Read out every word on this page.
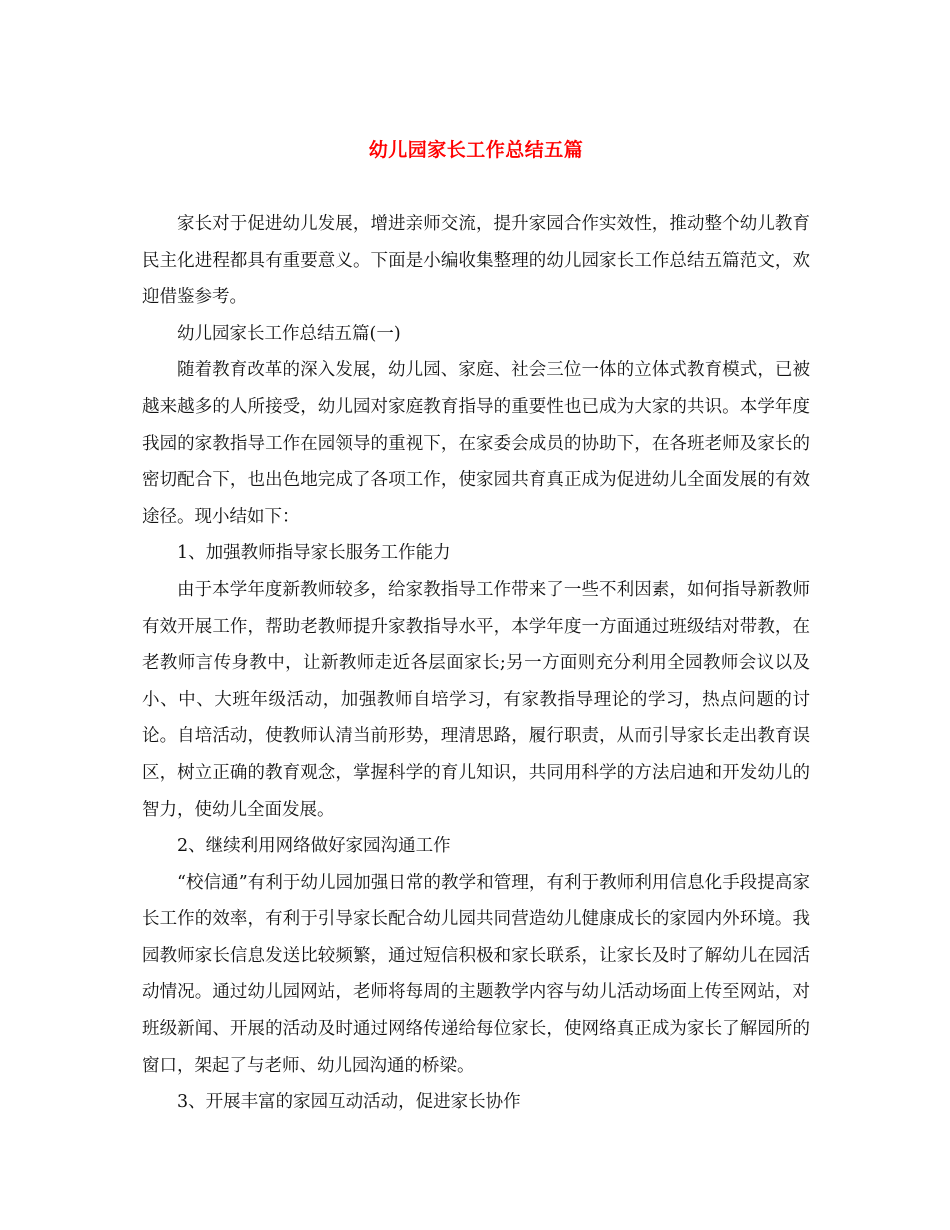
幼儿园家长工作总结五篇

家长对于促进幼儿发展，增进亲师交流，提升家园合作实效性，推动整个幼儿教育民主化进程都具有重要意义。下面是小编收集整理的幼儿园家长工作总结五篇范文，欢迎借鉴参考。

幼儿园家长工作总结五篇(一)

随着教育改革的深入发展，幼儿园、家庭、社会三位一体的立体式教育模式，已被越来越多的人所接受，幼儿园对家庭教育指导的重要性也已成为大家的共识。本学年度我园的家教指导工作在园领导的重视下，在家委会成员的协助下，在各班老师及家长的密切配合下，也出色地完成了各项工作，使家园共育真正成为促进幼儿全面发展的有效途径。现小结如下：

1、加强教师指导家长服务工作能力

由于本学年度新教师较多，给家教指导工作带来了一些不利因素，如何指导新教师有效开展工作，帮助老教师提升家教指导水平，本学年度一方面通过班级结对带教，在老教师言传身教中，让新教师走近各层面家长;另一方面则充分利用全园教师会议以及小、中、大班年级活动，加强教师自培学习，有家教指导理论的学习，热点问题的讨论。自培活动，使教师认清当前形势，理清思路，履行职责，从而引导家长走出教育误区，树立正确的教育观念，掌握科学的育儿知识，共同用科学的方法启迪和开发幼儿的智力，使幼儿全面发展。

2、继续利用网络做好家园沟通工作

“校信通”有利于幼儿园加强日常的教学和管理，有利于教师利用信息化手段提高家长工作的效率，有利于引导家长配合幼儿园共同营造幼儿健康成长的家园内外环境。我园教师家长信息发送比较频繁，通过短信积极和家长联系，让家长及时了解幼儿在园活动情况。通过幼儿园网站，老师将每周的主题教学内容与幼儿活动场面上传至网站，对班级新闻、开展的活动及时通过网络传递给每位家长，使网络真正成为家长了解园所的窗口，架起了与老师、幼儿园沟通的桥梁。

3、开展丰富的家园互动活动，促进家长协作
